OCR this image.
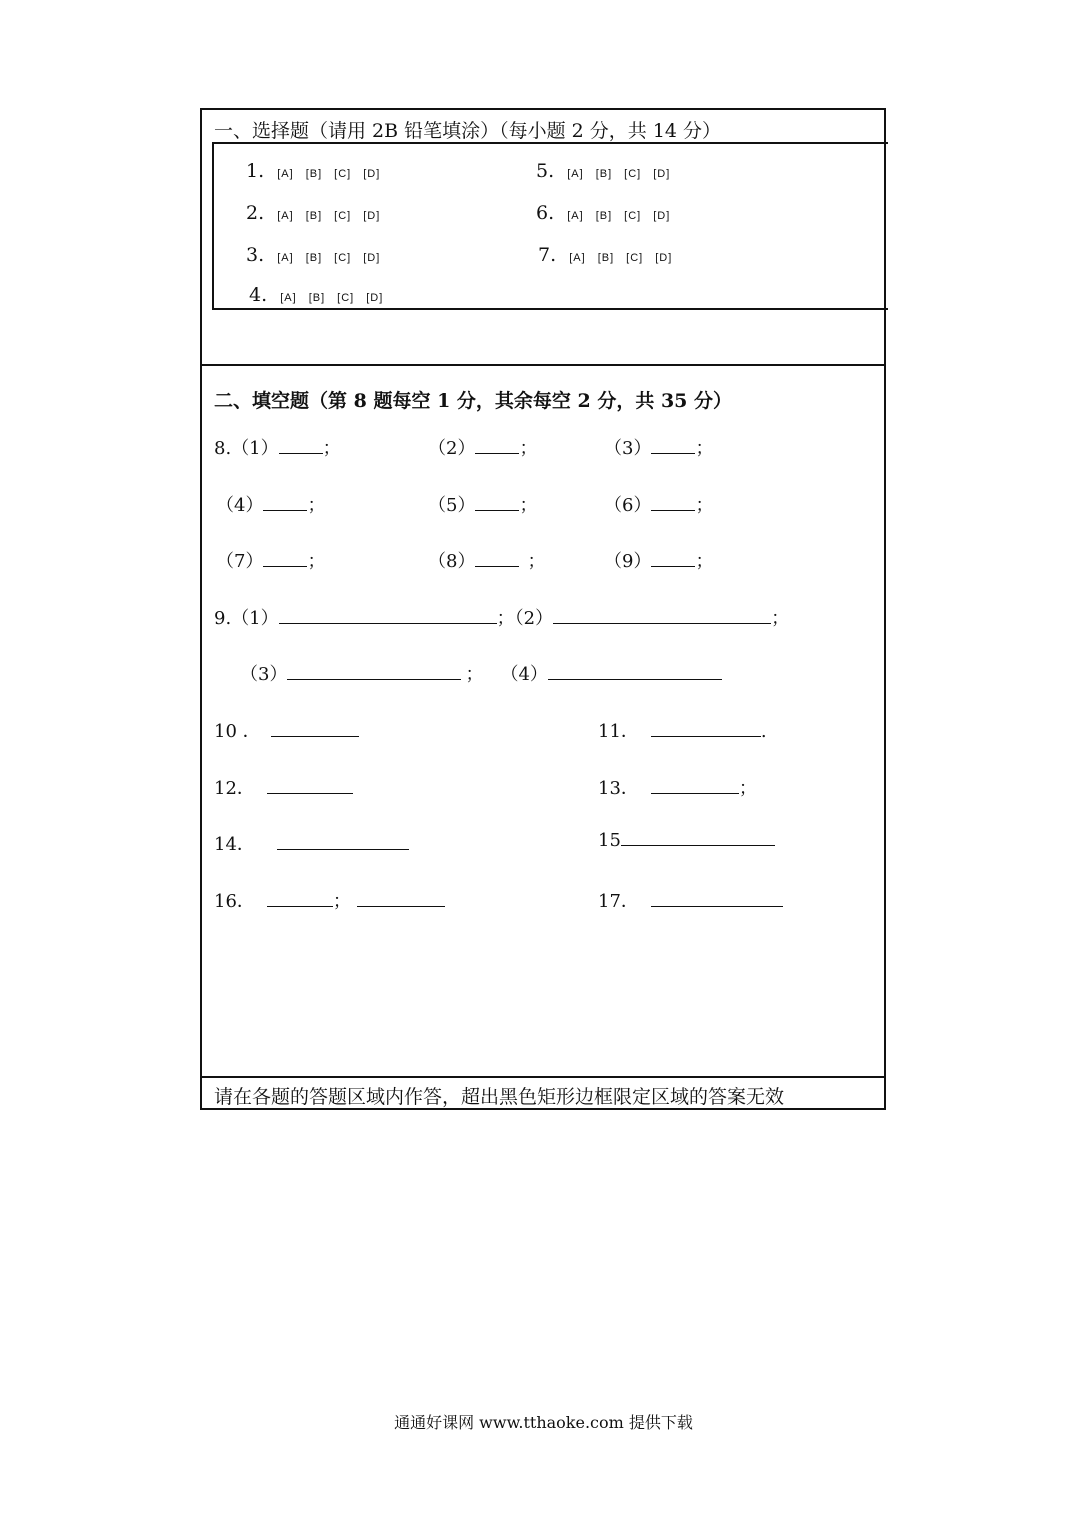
一、选择题（请用 2B 铅笔填涂）（每小题 2 分，共 14 分）
1. [A] [B] [C] [D]	5. [A] [B] [C] [D]
2. [A] [B] [C] [D]	6. [A] [B] [C] [D]
3. [A] [B] [C] [D]	7. [A] [B] [C] [D]
4. [A] [B] [C] [D]
二、填空题（第 8 题每空 1 分，其余每空 2 分，共 35 分）
8.（1） ；	（2） ；	（3） ；
（4） ；	（5） ；	（6） ；
（7） ；	（8）	；	（9） ；
9.（1）	；（2）	；
（3）	； （4）
10 ．	11．	.
12．	13．	；
14．	15
16．	；	17．
请在各题的答题区域内作答，超出黑色矩形边框限定区域的答案无效
通通好课网 www.tthaoke.com 提供下载
